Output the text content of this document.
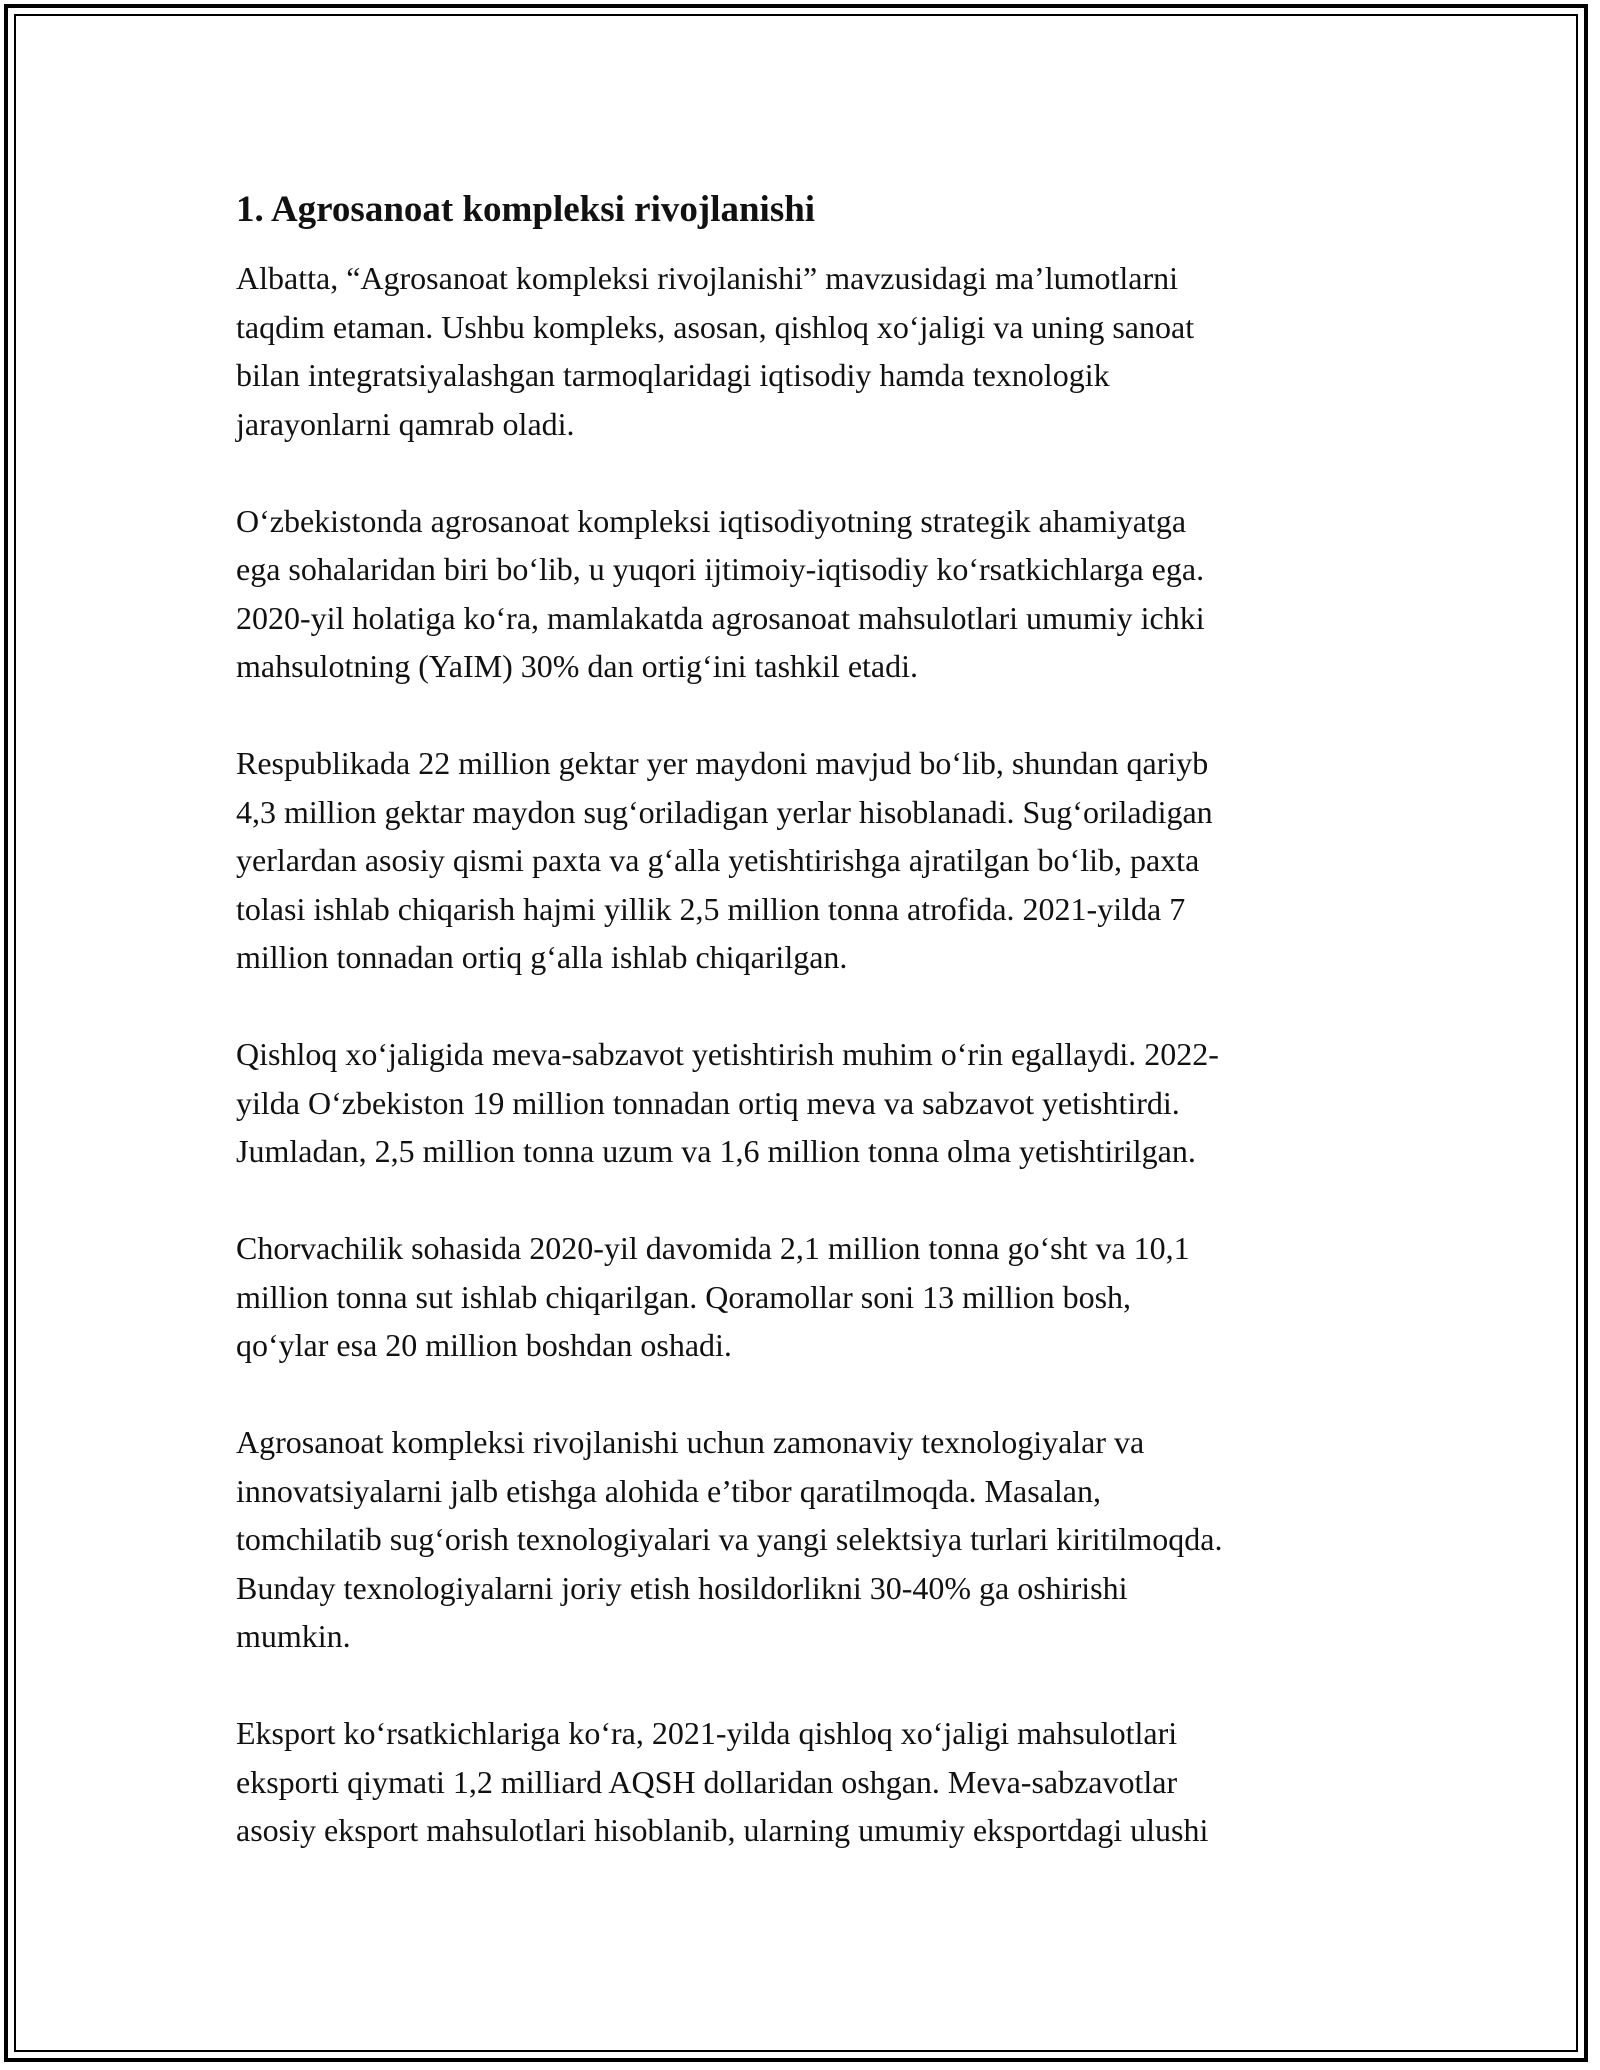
1. Agrosanoat kompleksi rivojlanishi
Albatta, “Agrosanoat kompleksi rivojlanishi” mavzusidagi ma’lumotlarni
taqdim etaman. Ushbu kompleks, asosan, qishloq xo‘jaligi va uning sanoat
bilan integratsiyalashgan tarmoqlaridagi iqtisodiy hamda texnologik
jarayonlarni qamrab oladi.
O‘zbekistonda agrosanoat kompleksi iqtisodiyotning strategik ahamiyatga
ega sohalaridan biri bo‘lib, u yuqori ijtimoiy-iqtisodiy ko‘rsatkichlarga ega.
2020-yil holatiga ko‘ra, mamlakatda agrosanoat mahsulotlari umumiy ichki
mahsulotning (YaIM) 30% dan ortig‘ini tashkil etadi.
Respublikada 22 million gektar yer maydoni mavjud bo‘lib, shundan qariyb
4,3 million gektar maydon sug‘oriladigan yerlar hisoblanadi. Sug‘oriladigan
yerlardan asosiy qismi paxta va g‘alla yetishtirishga ajratilgan bo‘lib, paxta
tolasi ishlab chiqarish hajmi yillik 2,5 million tonna atrofida. 2021-yilda 7
million tonnadan ortiq g‘alla ishlab chiqarilgan.
Qishloq xo‘jaligida meva-sabzavot yetishtirish muhim o‘rin egallaydi. 2022-
yilda O‘zbekiston 19 million tonnadan ortiq meva va sabzavot yetishtirdi.
Jumladan, 2,5 million tonna uzum va 1,6 million tonna olma yetishtirilgan.
Chorvachilik sohasida 2020-yil davomida 2,1 million tonna go‘sht va 10,1
million tonna sut ishlab chiqarilgan. Qoramollar soni 13 million bosh,
qo‘ylar esa 20 million boshdan oshadi.
Agrosanoat kompleksi rivojlanishi uchun zamonaviy texnologiyalar va
innovatsiyalarni jalb etishga alohida e’tibor qaratilmoqda. Masalan,
tomchilatib sug‘orish texnologiyalari va yangi selektsiya turlari kiritilmoqda.
Bunday texnologiyalarni joriy etish hosildorlikni 30-40% ga oshirishi
mumkin.
Eksport ko‘rsatkichlariga ko‘ra, 2021-yilda qishloq xo‘jaligi mahsulotlari
eksporti qiymati 1,2 milliard AQSH dollaridan oshgan. Meva-sabzavotlar
asosiy eksport mahsulotlari hisoblanib, ularning umumiy eksportdagi ulushi
